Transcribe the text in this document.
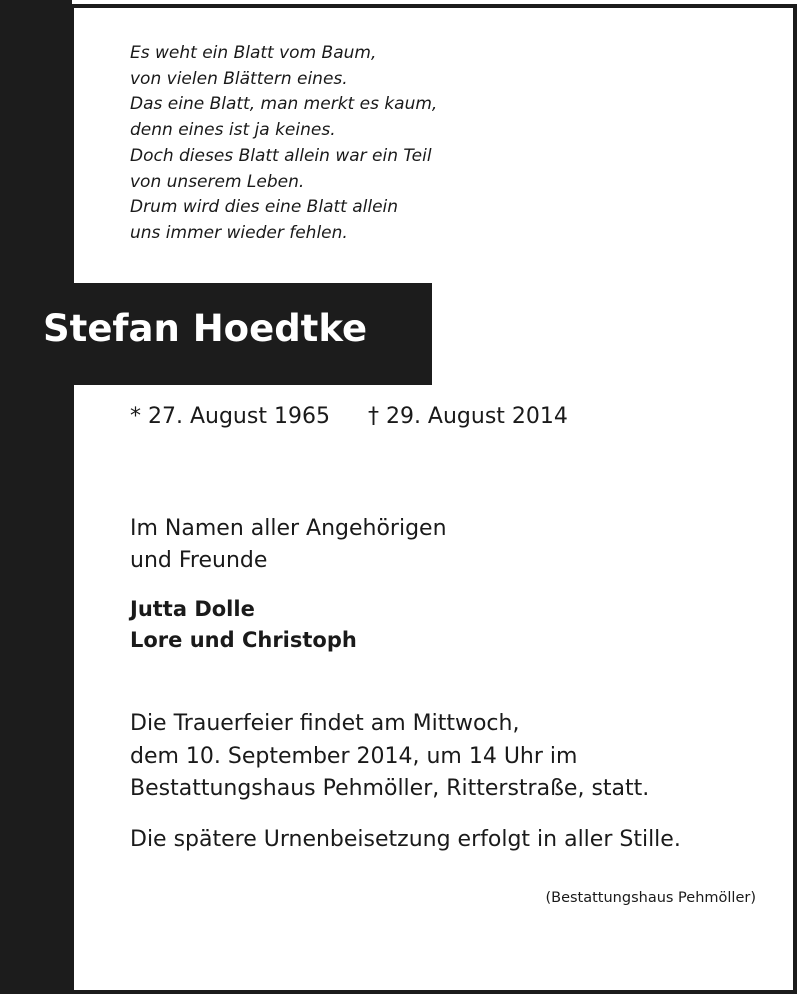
Es weht ein Blatt vom Baum,
von vielen Blättern eines.
Das eine Blatt, man merkt es kaum,
denn eines ist ja keines.
Doch dieses Blatt allein war ein Teil
von unserem Leben.
Drum wird dies eine Blatt allein
uns immer wieder fehlen.
Stefan Hoedtke
* 27. August 1965 † 29. August 2014
Im Namen aller Angehörigen
und Freunde
Jutta Dolle
Lore und Christoph
Die Trauerfeier findet am Mittwoch,
dem 10. September 2014, um 14 Uhr im
Bestattungshaus Pehmöller, Ritterstraße, statt.
Die spätere Urnenbeisetzung erfolgt in aller Stille.
(Bestattungshaus Pehmöller)
